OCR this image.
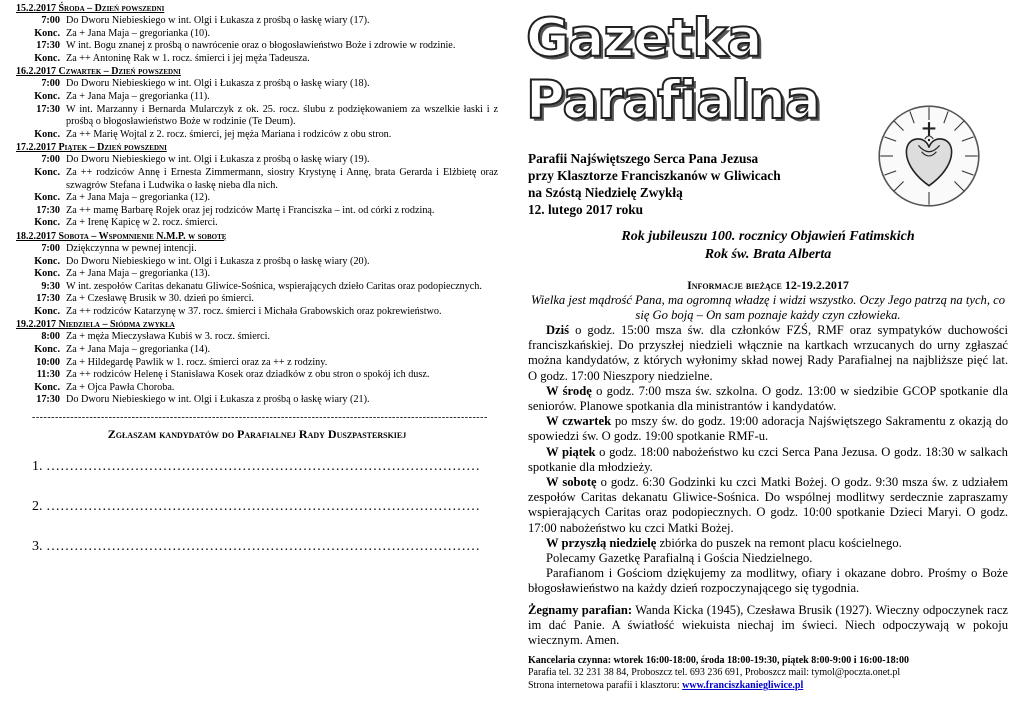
15.2.2017 Środa – Dzień powszedni
7:00 Do Dworu Niebieskiego w int. Olgi i Łukasza z prośbą o łaskę wiary (17).
Konc. Za + Jana Maja – gregorianka (10).
17:30 W int. Bogu znanej z prośbą o nawrócenie oraz o błogosławieństwo Boże i zdrowie w rodzinie.
Konc. Za ++ Antoninę Rak w 1. rocz. śmierci i jej męża Tadeusza.
16.2.2017 Czwartek – Dzień powszedni
7:00 Do Dworu Niebieskiego w int. Olgi i Łukasza z prośbą o łaskę wiary (18).
Konc. Za + Jana Maja – gregorianka (11).
17:30 W int. Marzanny i Bernarda Mularczyk z ok. 25. rocz. ślubu z podziękowaniem za wszelkie łaski i z prośbą o błogosławieństwo Boże w rodzinie (Te Deum).
Konc. Za ++ Marię Wojtal z 2. rocz. śmierci, jej męża Mariana i rodziców z obu stron.
17.2.2017 Piątek – Dzień powszedni
7:00 Do Dworu Niebieskiego w int. Olgi i Łukasza z prośbą o łaskę wiary (19).
Konc. Za ++ rodziców Annę i Ernesta Zimmermann, siostry Krystynę i Annę, brata Gerarda i Elżbietę oraz szwagrów Stefana i Ludwika o łaskę nieba dla nich.
Konc. Za + Jana Maja – gregorianka (12).
17:30 Za ++ mamę Barbarę Rojek oraz jej rodziców Martę i Franciszka – int. od córki z rodziną.
Konc. Za + Irenę Kapicę w 2. rocz. śmierci.
18.2.2017 Sobota – Wspomnienie N.M.P. w sobotę
7:00 Dziękczynna w pewnej intencji.
Konc. Do Dworu Niebieskiego w int. Olgi i Łukasza z prośbą o łaskę wiary (20).
Konc. Za + Jana Maja – gregorianka (13).
9:30 W int. zespołów Caritas dekanatu Gliwice-Sośnica, wspierających dzieło Caritas oraz podopiecznych.
17:30 Za + Czesławę Brusik w 30. dzień po śmierci.
Konc. Za ++ rodziców Katarzynę w 37. rocz. śmierci i Michała Grabowskich oraz pokrewieństwo.
19.2.2017 Niedziela – Siódma zwykła
8:00 Za + męża Mieczysława Kubiś w 3. rocz. śmierci.
Konc. Za + Jana Maja – gregorianka (14).
10:00 Za + Hildegardę Pawlik w 1. rocz. śmierci oraz za ++ z rodziny.
11:30 Za ++ rodziców Helenę i Stanisława Kosek oraz dziadków z obu stron o spokój ich dusz.
Konc. Za + Ojca Pawła Choroba.
17:30 Do Dworu Niebieskiego w int. Olgi i Łukasza z prośbą o łaskę wiary (21).
-----------------------------------------------------------------------------------------------------------------------
Zgłaszam kandydatów do Parafialnej Rady Duszpasterskiej
1. …………………………………………………………………………………
2. …………………………………………………………………………………
3. …………………………………………………………………………………
Gazetka Parafialna
Parafii Najświętszego Serca Pana Jezusa
przy Klasztorze Franciszkanów w Gliwicach
na Szóstą Niedzielę Zwykłą
12. lutego 2017 roku
Rok jubileuszu 100. rocznicy Objawień Fatimskich
Rok św. Brata Alberta
Informacje bieżące 12-19.2.2017
Wielka jest mądrość Pana, ma ogromną władzę i widzi wszystko. Oczy Jego patrzą na tych, co się Go boją – On sam poznaje każdy czyn człowieka.

Dziś o godz. 15:00 msza św. dla członków FZŚ, RMF oraz sympatyków duchowości franciszkańskiej. Do przyszłej niedzieli włącznie na kartkach wrzucanych do urny zgłaszać można kandydatów, z których wyłonimy skład nowej Rady Parafialnej na najbliższe pięć lat. O godz. 17:00 Nieszpory niedzielne.

W środę o godz. 7:00 msza św. szkolna. O godz. 13:00 w siedzibie GCOP spotkanie dla seniorów. Planowe spotkania dla ministrantów i kandydatów.

W czwartek po mszy św. do godz. 19:00 adoracja Najświętszego Sakramentu z okazją do spowiedzi św. O godz. 19:00 spotkanie RMF-u.

W piątek o godz. 18:00 nabożeństwo ku czci Serca Pana Jezusa. O godz. 18:30 w salkach spotkanie dla młodzieży.

W sobotę o godz. 6:30 Godzinki ku czci Matki Bożej. O godz. 9:30 msza św. z udziałem zespołów Caritas dekanatu Gliwice-Sośnica. Do wspólnej modlitwy serdecznie zapraszamy wspierających Caritas oraz podopiecznych. O godz. 10:00 spotkanie Dzieci Maryi. O godz. 17:00 nabożeństwo ku czci Matki Bożej.

W przyszłą niedzielę zbiórka do puszek na remont placu kościelnego.

Polecamy Gazetkę Parafialną i Gościa Niedzielnego.

Parafianom i Gościom dziękujemy za modlitwy, ofiary i okazane dobro. Prośmy o Boże błogosławieństwo na każdy dzień rozpoczynającego się tygodnia.

Żegnamy parafian: Wanda Kicka (1945), Czesława Brusik (1927). Wieczny odpoczynek racz im dać Panie. A światłość wiekuista niechaj im świeci. Niech odpoczywają w pokoju wiecznym. Amen.
Kancelaria czynna: wtorek 16:00-18:00, środa 18:00-19:30, piątek 8:00-9:00 i 16:00-18:00
Parafia tel. 32 231 38 84, Proboszcz tel. 693 236 691, Proboszcz mail: tymol@poczta.onet.pl
Strona internetowa parafii i klasztoru: www.franciszkaniegliwice.pl
